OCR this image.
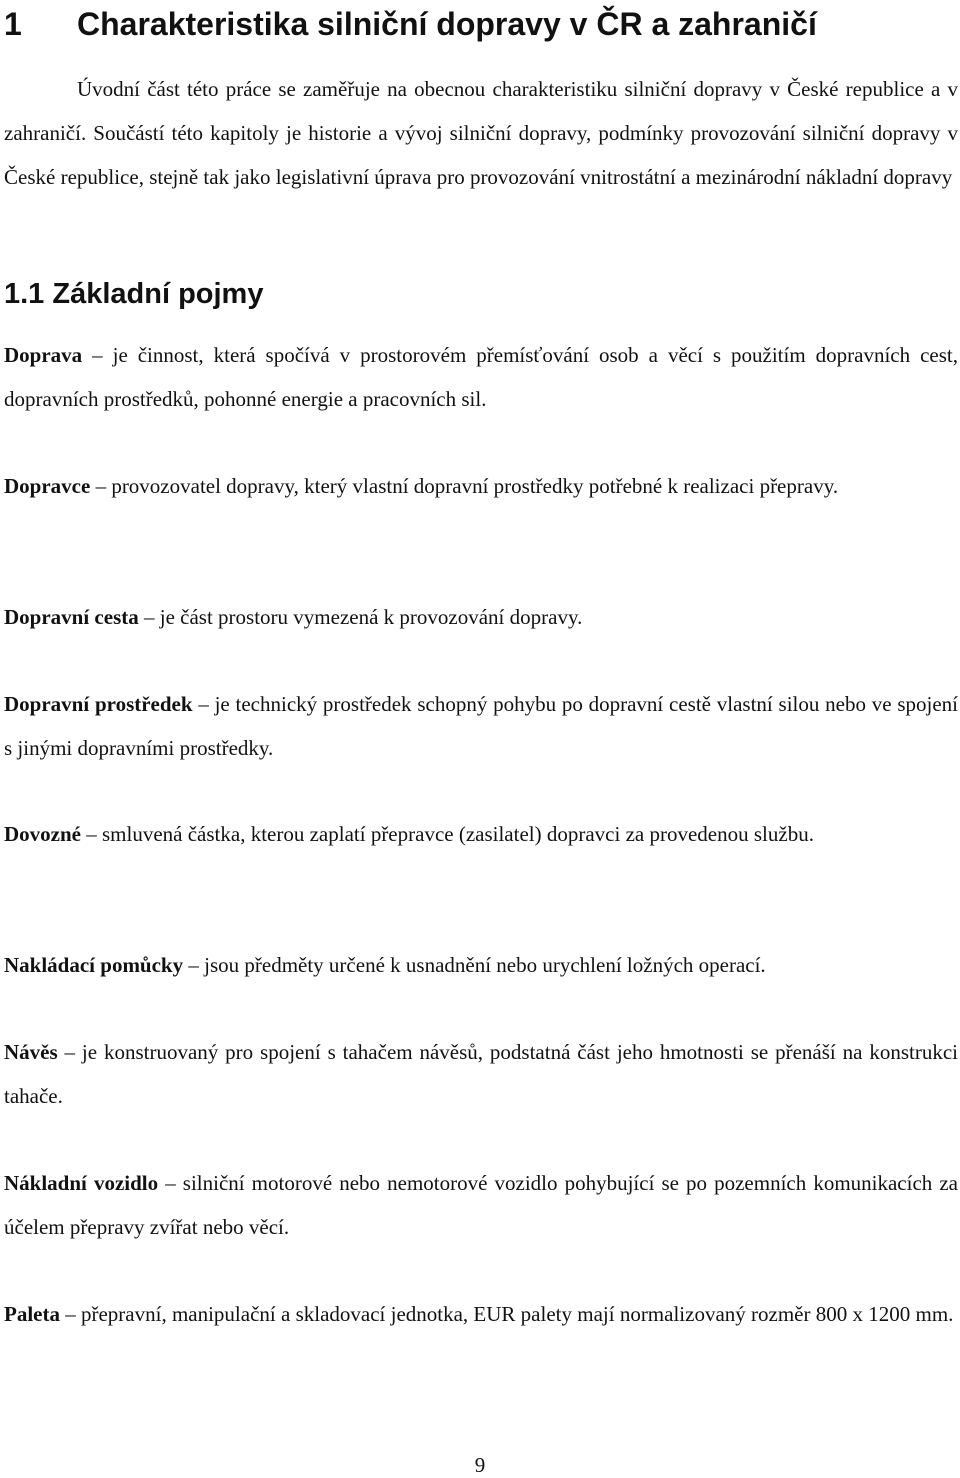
1 Charakteristika silniční dopravy v ČR a zahraničí

Úvodní část této práce se zaměřuje na obecnou charakteristiku silniční dopravy v České republice a v zahraničí. Součástí této kapitoly je historie a vývoj silniční dopravy, podmínky provozování silniční dopravy v České republice, stejně tak jako legislativní úprava pro provozování vnitrostátní a mezinárodní nákladní dopravy

1.1 Základní pojmy

Doprava – je činnost, která spočívá v prostorovém přemísťování osob a věcí s použitím dopravních cest, dopravních prostředků, pohonné energie a pracovních sil.

Dopravce – provozovatel dopravy, který vlastní dopravní prostředky potřebné k realizaci přepravy.

Dopravní cesta – je část prostoru vymezená k provozování dopravy.

Dopravní prostředek – je technický prostředek schopný pohybu po dopravní cestě vlastní silou nebo ve spojení s jinými dopravními prostředky.

Dovozné – smluvená částka, kterou zaplatí přepravce (zasilatel) dopravci za provedenou službu.

Nakládací pomůcky – jsou předměty určené k usnadnění nebo urychlení ložných operací.

Návěs – je konstruovaný pro spojení s tahačem návěsů, podstatná část jeho hmotnosti se přenáší na konstrukci tahače.

Nákladní vozidlo – silniční motorové nebo nemotorové vozidlo pohybující se po pozemních komunikacích za účelem přepravy zvířat nebo věcí.

Paleta – přepravní, manipulační a skladovací jednotka, EUR palety mají normalizovaný rozměr 800 x 1200 mm.

9
